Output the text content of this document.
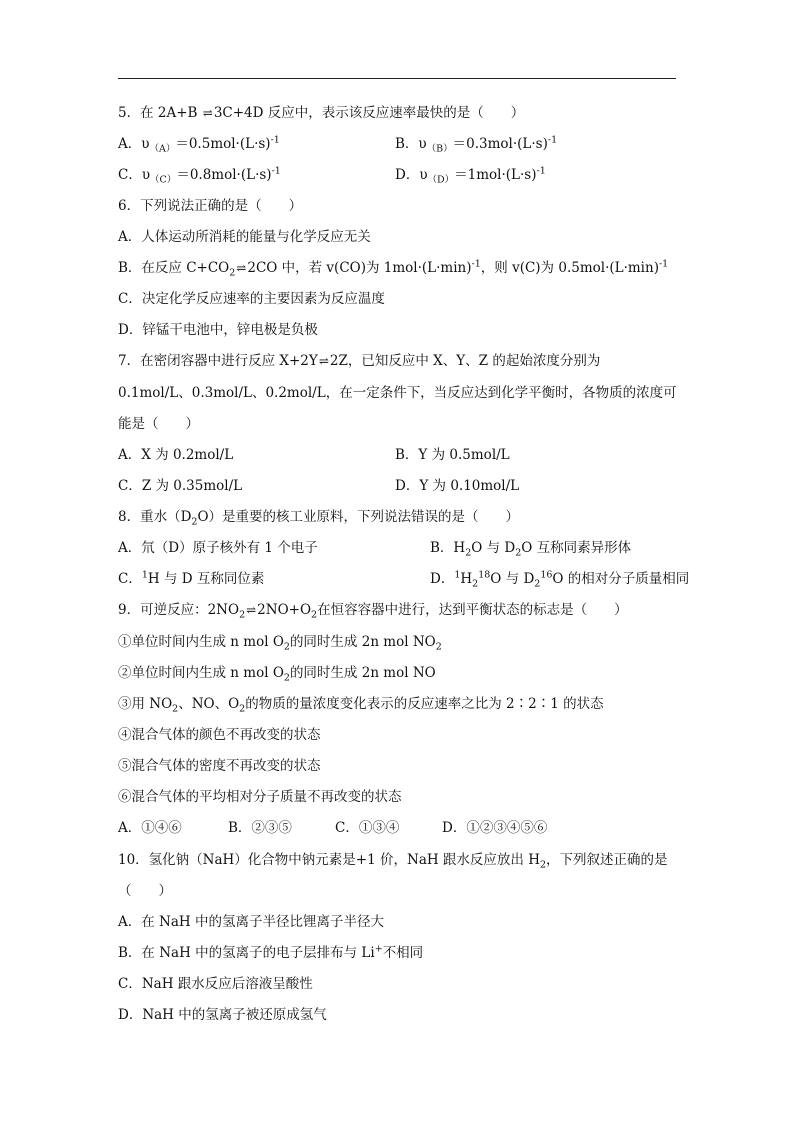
5．在 2A+B ⇌3C+4D 反应中，表示该反应速率最快的是（　　）
A．$\upsilon_{(A)}=0.5mol\cdot(L\cdot s)^{-1}$	B．$\upsilon_{(B)}=0.3mol\cdot(L\cdot s)^{-1}$
C．$\upsilon_{(C)}=0.8mol\cdot(L\cdot s)^{-1}$	D．$\upsilon_{(D)}=1mol\cdot(L\cdot s)^{-1}$
6．下列说法正确的是（　　）
A．人体运动所消耗的能量与化学反应无关
B．在反应 $C+CO_2\rightleftharpoons 2CO$ 中，若 v(CO)为 $1mol\cdot(L\cdot\min)^{-1}$，则 v(C)为 $0.5mol\cdot(L\cdot\min)^{-1}$
C．决定化学反应速率的主要因素为反应温度
D．锌锰干电池中，锌电极是负极
7．在密闭容器中进行反应 X+2Y⇌2Z，已知反应中 X、Y、Z 的起始浓度分别为
0.1mol/L、0.3mol/L、0.2mol/L，在一定条件下，当反应达到化学平衡时，各物质的浓度可
能是（　　）
A．X 为 0.2mol/L	B．Y 为 0.5mol/L
C．Z 为 0.35mol/L	D．Y 为 0.10mol/L
8．重水$(D_2O)$是重要的核工业原料，下列说法错误的是（　　）
A．氘（D）原子核外有 1 个电子	B．$H_2O$ 与 $D_2O$ 互称同素异形体
C．$^1$H 与 D 互称同位素	D．$^1H_2^{18}O$ 与 $D_2^{16}O$ 的相对分子质量相同
9．可逆反应：$2NO_2\rightleftharpoons 2NO+O_2$在恒容容器中进行，达到平衡状态的标志是（　　）
①单位时间内生成 n mol $O_2$的同时生成 2n mol $NO_2$
②单位时间内生成 n mol $O_2$的同时生成 2n mol NO
③用 $NO_2$、NO、$O_2$的物质的量浓度变化表示的反应速率之比为 2∶2∶1 的状态
④混合气体的颜色不再改变的状态
⑤混合气体的密度不再改变的状态
⑥混合气体的平均相对分子质量不再改变的状态
A．①④⑥	B．②③⑤	C．①③④	D．①②③④⑤⑥
10．氢化钠（NaH）化合物中钠元素是+1 价，NaH 跟水反应放出 $H_2$，下列叙述正确的是
（　　）
A．在 NaH 中的氢离子半径比锂离子半径大
B．在 NaH 中的氢离子的电子层排布与 Li+不相同
C．NaH 跟水反应后溶液呈酸性
D．NaH 中的氢离子被还原成氢气
